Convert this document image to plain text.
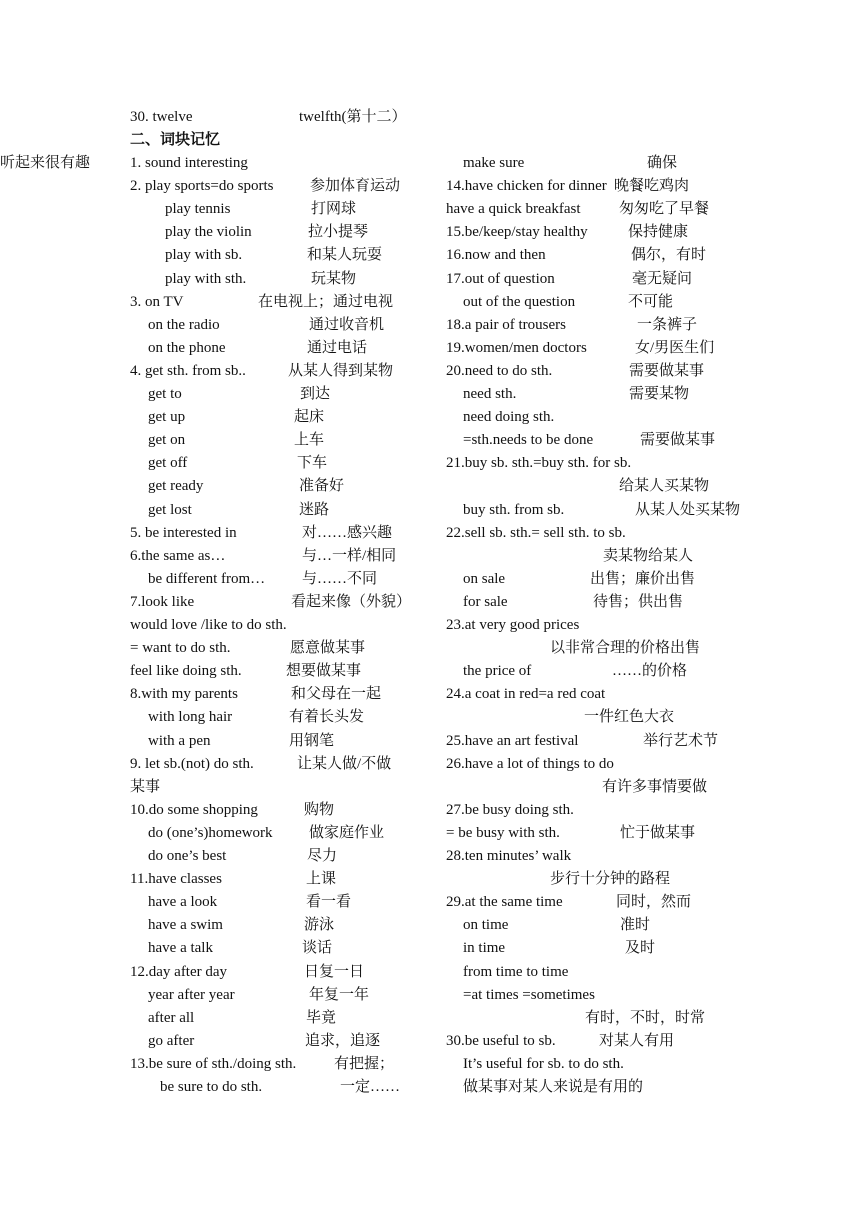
30. twelve	twelfth(第十二）
二、词块记忆
1. sound interesting
听起来很有趣
2. play sports=do sports 参加体育运动
play tennis	打网球
play the violin	拉小提琴
play with sb.	和某人玩耍
play with sth.	玩某物
3. on TV	在电视上；通过电视
on the radio	通过收音机
on the phone	通过电话
4. get sth. from sb..	从某人得到某物
get to	到达
get up	起床
get on	上车
get off	下车
get ready	准备好
get lost	迷路
5. be interested in	对……感兴趣
6.the same as…	与…一样/相同
be different from… 与……不同
7.look like	看起来像（外貌）
would love /like to do sth.
= want to do sth.	愿意做某事
feel like doing sth.	想要做某事
8.with my parents	和父母在一起
with long hair	有着长头发
with a pen	用钢笔
9. let sb.(not) do sth.	让某人做/不做
某事
10.do some shopping	购物
do (one’s)homework 做家庭作业
do one’s best	尽力
11.have classes	上课
have a look	看一看
have a swim	游泳
have a talk	谈话
12.day after day	日复一日
year after year	年复一年
after all	毕竟
go after	追求，追逐
13.be sure of sth./doing sth.	有把握；
be sure to do sth.	一定……
make sure	确保
14.have chicken for dinner 晚餐吃鸡肉
have a quick breakfast	匆匆吃了早餐
15.be/keep/stay healthy	保持健康
16.now and then	偶尔，有时
17.out of question	毫无疑问
out of the question	不可能
18.a pair of trousers	一条裤子
19.women/men doctors	女/男医生们
20.need to do sth.	需要做某事
need sth.	需要某物
need doing sth.
=sth.needs to be done	需要做某事
21.buy sb. sth.=buy sth. for sb.
给某人买某物
buy sth. from sb.	从某人处买某物
22.sell sb. sth.= sell sth. to sb.
卖某物给某人
on sale	出售；廉价出售
for sale	待售；供出售
23.at very good prices
以非常合理的价格出售
the price of	……的价格
24.a coat in red=a red coat
一件红色大衣
25.have an art festival	举行艺术节
26.have a lot of things to do
有许多事情要做
27.be busy doing sth.
= be busy with sth.	忙于做某事
28.ten minutes’ walk
步行十分钟的路程
29.at the same time	同时，然而
on time	准时
in time	及时
from time to time
=at times =sometimes
有时，不时，时常
30.be useful to sb.	对某人有用
It’s useful for sb. to do sth.
做某事对某人来说是有用的
